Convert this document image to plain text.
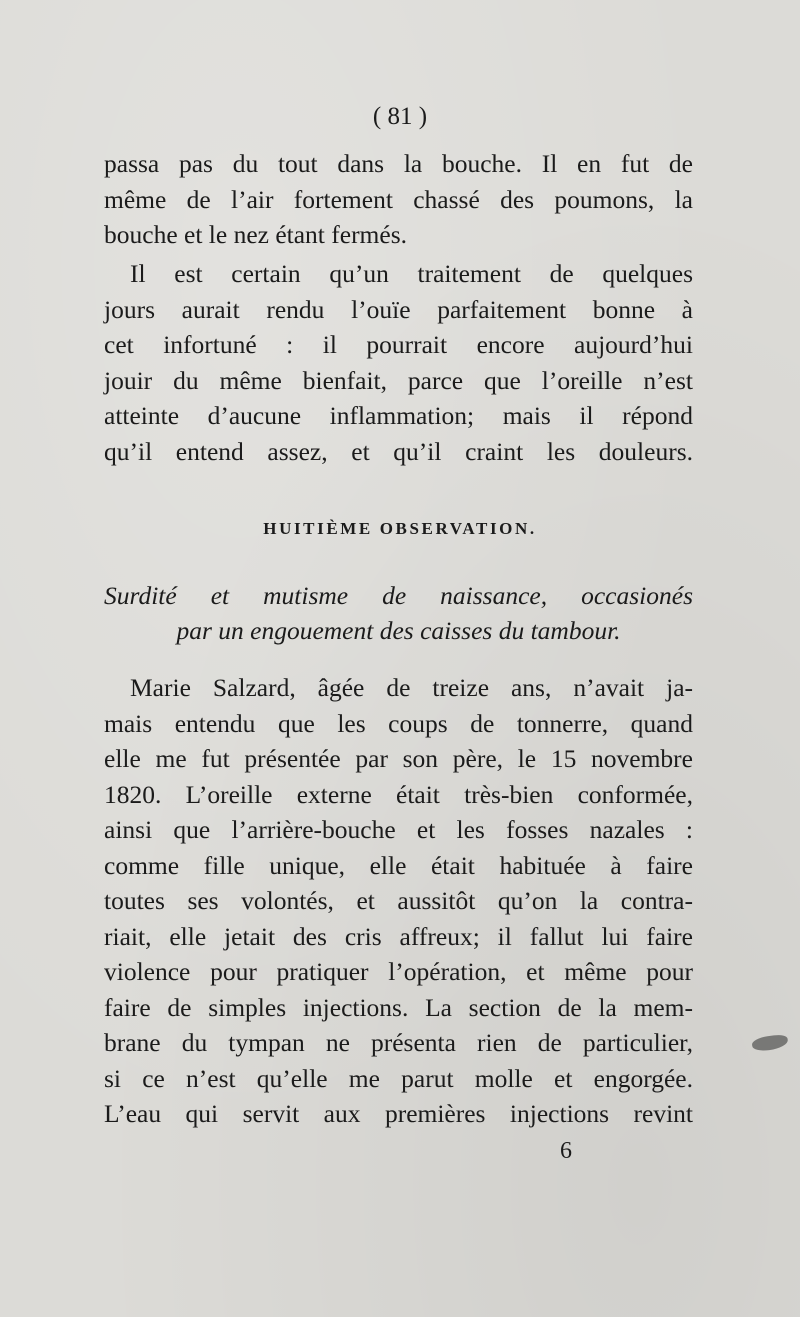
( 81 )
passa pas du tout dans la bouche. Il en fut de
même de l’air fortement chassé des poumons, la
bouche et le nez étant fermés.
Il est certain qu’un traitement de quelques
jours aurait rendu l’ouïe parfaitement bonne à
cet infortuné : il pourrait encore aujourd’hui
jouir du même bienfait, parce que l’oreille n’est
atteinte d’aucune inflammation; mais il répond
qu’il entend assez, et qu’il craint les douleurs.
HUITIÈME OBSERVATION.
Surdité et mutisme de naissance, occasionés
par un engouement des caisses du tambour.
Marie Salzard, âgée de treize ans, n’avait ja-
mais entendu que les coups de tonnerre, quand
elle me fut présentée par son père, le 15 novembre
1820. L’oreille externe était très-bien conformée,
ainsi que l’arrière-bouche et les fosses nazales :
comme fille unique, elle était habituée à faire
toutes ses volontés, et aussitôt qu’on la contra-
riait, elle jetait des cris affreux; il fallut lui faire
violence pour pratiquer l’opération, et même pour
faire de simples injections. La section de la mem-
brane du tympan ne présenta rien de particulier,
si ce n’est qu’elle me parut molle et engorgée.
L’eau qui servit aux premières injections revint
6
